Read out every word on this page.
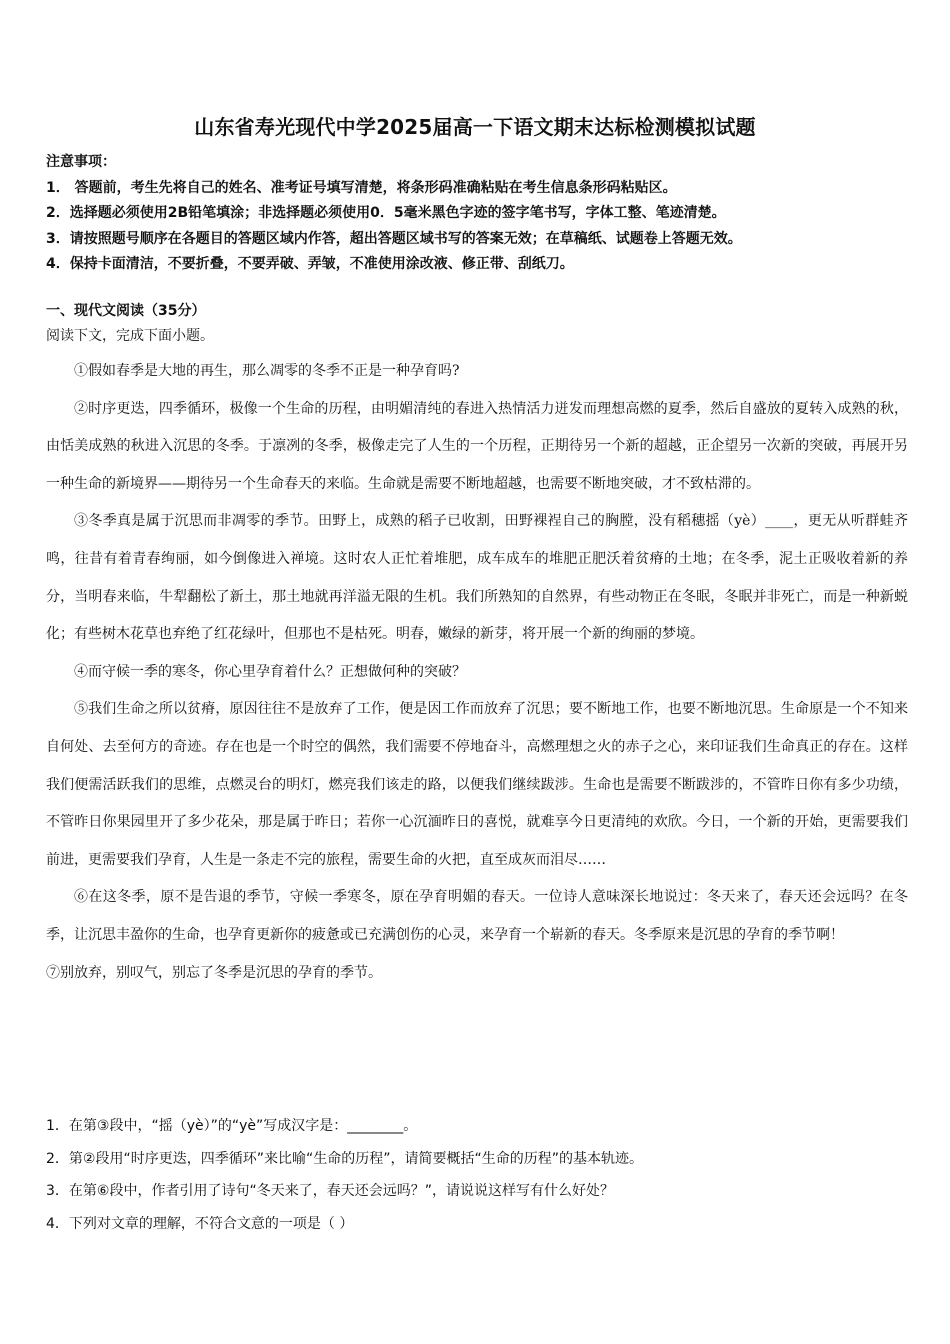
山东省寿光现代中学2025届高一下语文期末达标检测模拟试题
注意事项：
1． 答题前，考生先将自己的姓名、准考证号填写清楚，将条形码准确粘贴在考生信息条形码粘贴区。
2．选择题必须使用2B铅笔填涂；非选择题必须使用0．5毫米黑色字迹的签字笔书写，字体工整、笔迹清楚。
3．请按照题号顺序在各题目的答题区域内作答，超出答题区域书写的答案无效；在草稿纸、试题卷上答题无效。
4．保持卡面清洁，不要折叠，不要弄破、弄皱，不准使用涂改液、修正带、刮纸刀。
一、现代文阅读（35分）
阅读下文，完成下面小题。

①假如春季是大地的再生，那么凋零的冬季不正是一种孕育吗?

②时序更迭，四季循环，极像一个生命的历程，由明媚清纯的春进入热情活力迸发而理想高燃的夏季，然后自盛放的夏转入成熟的秋，由恬美成熟的秋进入沉思的冬季。于凛冽的冬季，极像走完了人生的一个历程，正期待另一个新的超越，正企望另一次新的突破，再展开另一种生命的新境界——期待另一个生命春天的来临。生命就是需要不断地超越，也需要不断地突破，才不致枯滞的。

③冬季真是属于沉思而非凋零的季节。田野上，成熟的稻子已收割，田野裸裎自己的胸膛，没有稻穗摇（yè）____，更无从听群蛙齐鸣，往昔有着青春绚丽，如今倒像进入禅境。这时农人正忙着堆肥，成车成车的堆肥正肥沃着贫瘠的土地；在冬季，泥土正吸收着新的养分，当明春来临，牛犁翻松了新土，那土地就再洋溢无限的生机。我们所熟知的自然界，有些动物正在冬眠，冬眠并非死亡，而是一种新蜕化；有些树木花草也弃绝了红花绿叶，但那也不是枯死。明春，嫩绿的新芽，将开展一个新的绚丽的梦境。

④而守候一季的寒冬，你心里孕育着什么？正想做何种的突破？

⑤我们生命之所以贫瘠，原因往往不是放弃了工作，便是因工作而放弃了沉思；要不断地工作，也要不断地沉思。生命原是一个不知来自何处、去至何方的奇迹。存在也是一个时空的偶然，我们需要不停地奋斗，高燃理想之火的赤子之心，来印证我们生命真正的存在。这样我们便需活跃我们的思维，点燃灵台的明灯，燃亮我们该走的路，以便我们继续跋涉。生命也是需要不断跋涉的，不管昨日你有多少功绩，不管昨日你果园里开了多少花朵，那是属于昨日；若你一心沉湎昨日的喜悦，就难享今日更清纯的欢欣。今日，一个新的开始，更需要我们前进，更需要我们孕育，人生是一条走不完的旅程，需要生命的火把，直至成灰而泪尽……

⑥在这冬季，原不是告退的季节，守候一季寒冬，原在孕育明媚的春天。一位诗人意味深长地说过：冬天来了，春天还会远吗？在冬季，让沉思丰盈你的生命，也孕育更新你的疲惫或已充满创伤的心灵，来孕育一个崭新的春天。冬季原来是沉思的孕育的季节啊！

⑦别放弃，别叹气，别忘了冬季是沉思的孕育的季节。

1．在第③段中，“摇（yè）”的“yè”写成汉字是：________。
2．第②段用“时序更迭，四季循环”来比喻“生命的历程”，请简要概括“生命的历程”的基本轨迹。
3．在第⑥段中，作者引用了诗句“冬天来了，春天还会远吗？”，请说说这样写有什么好处？
4．下列对文章的理解，不符合文意的一项是（ ）
